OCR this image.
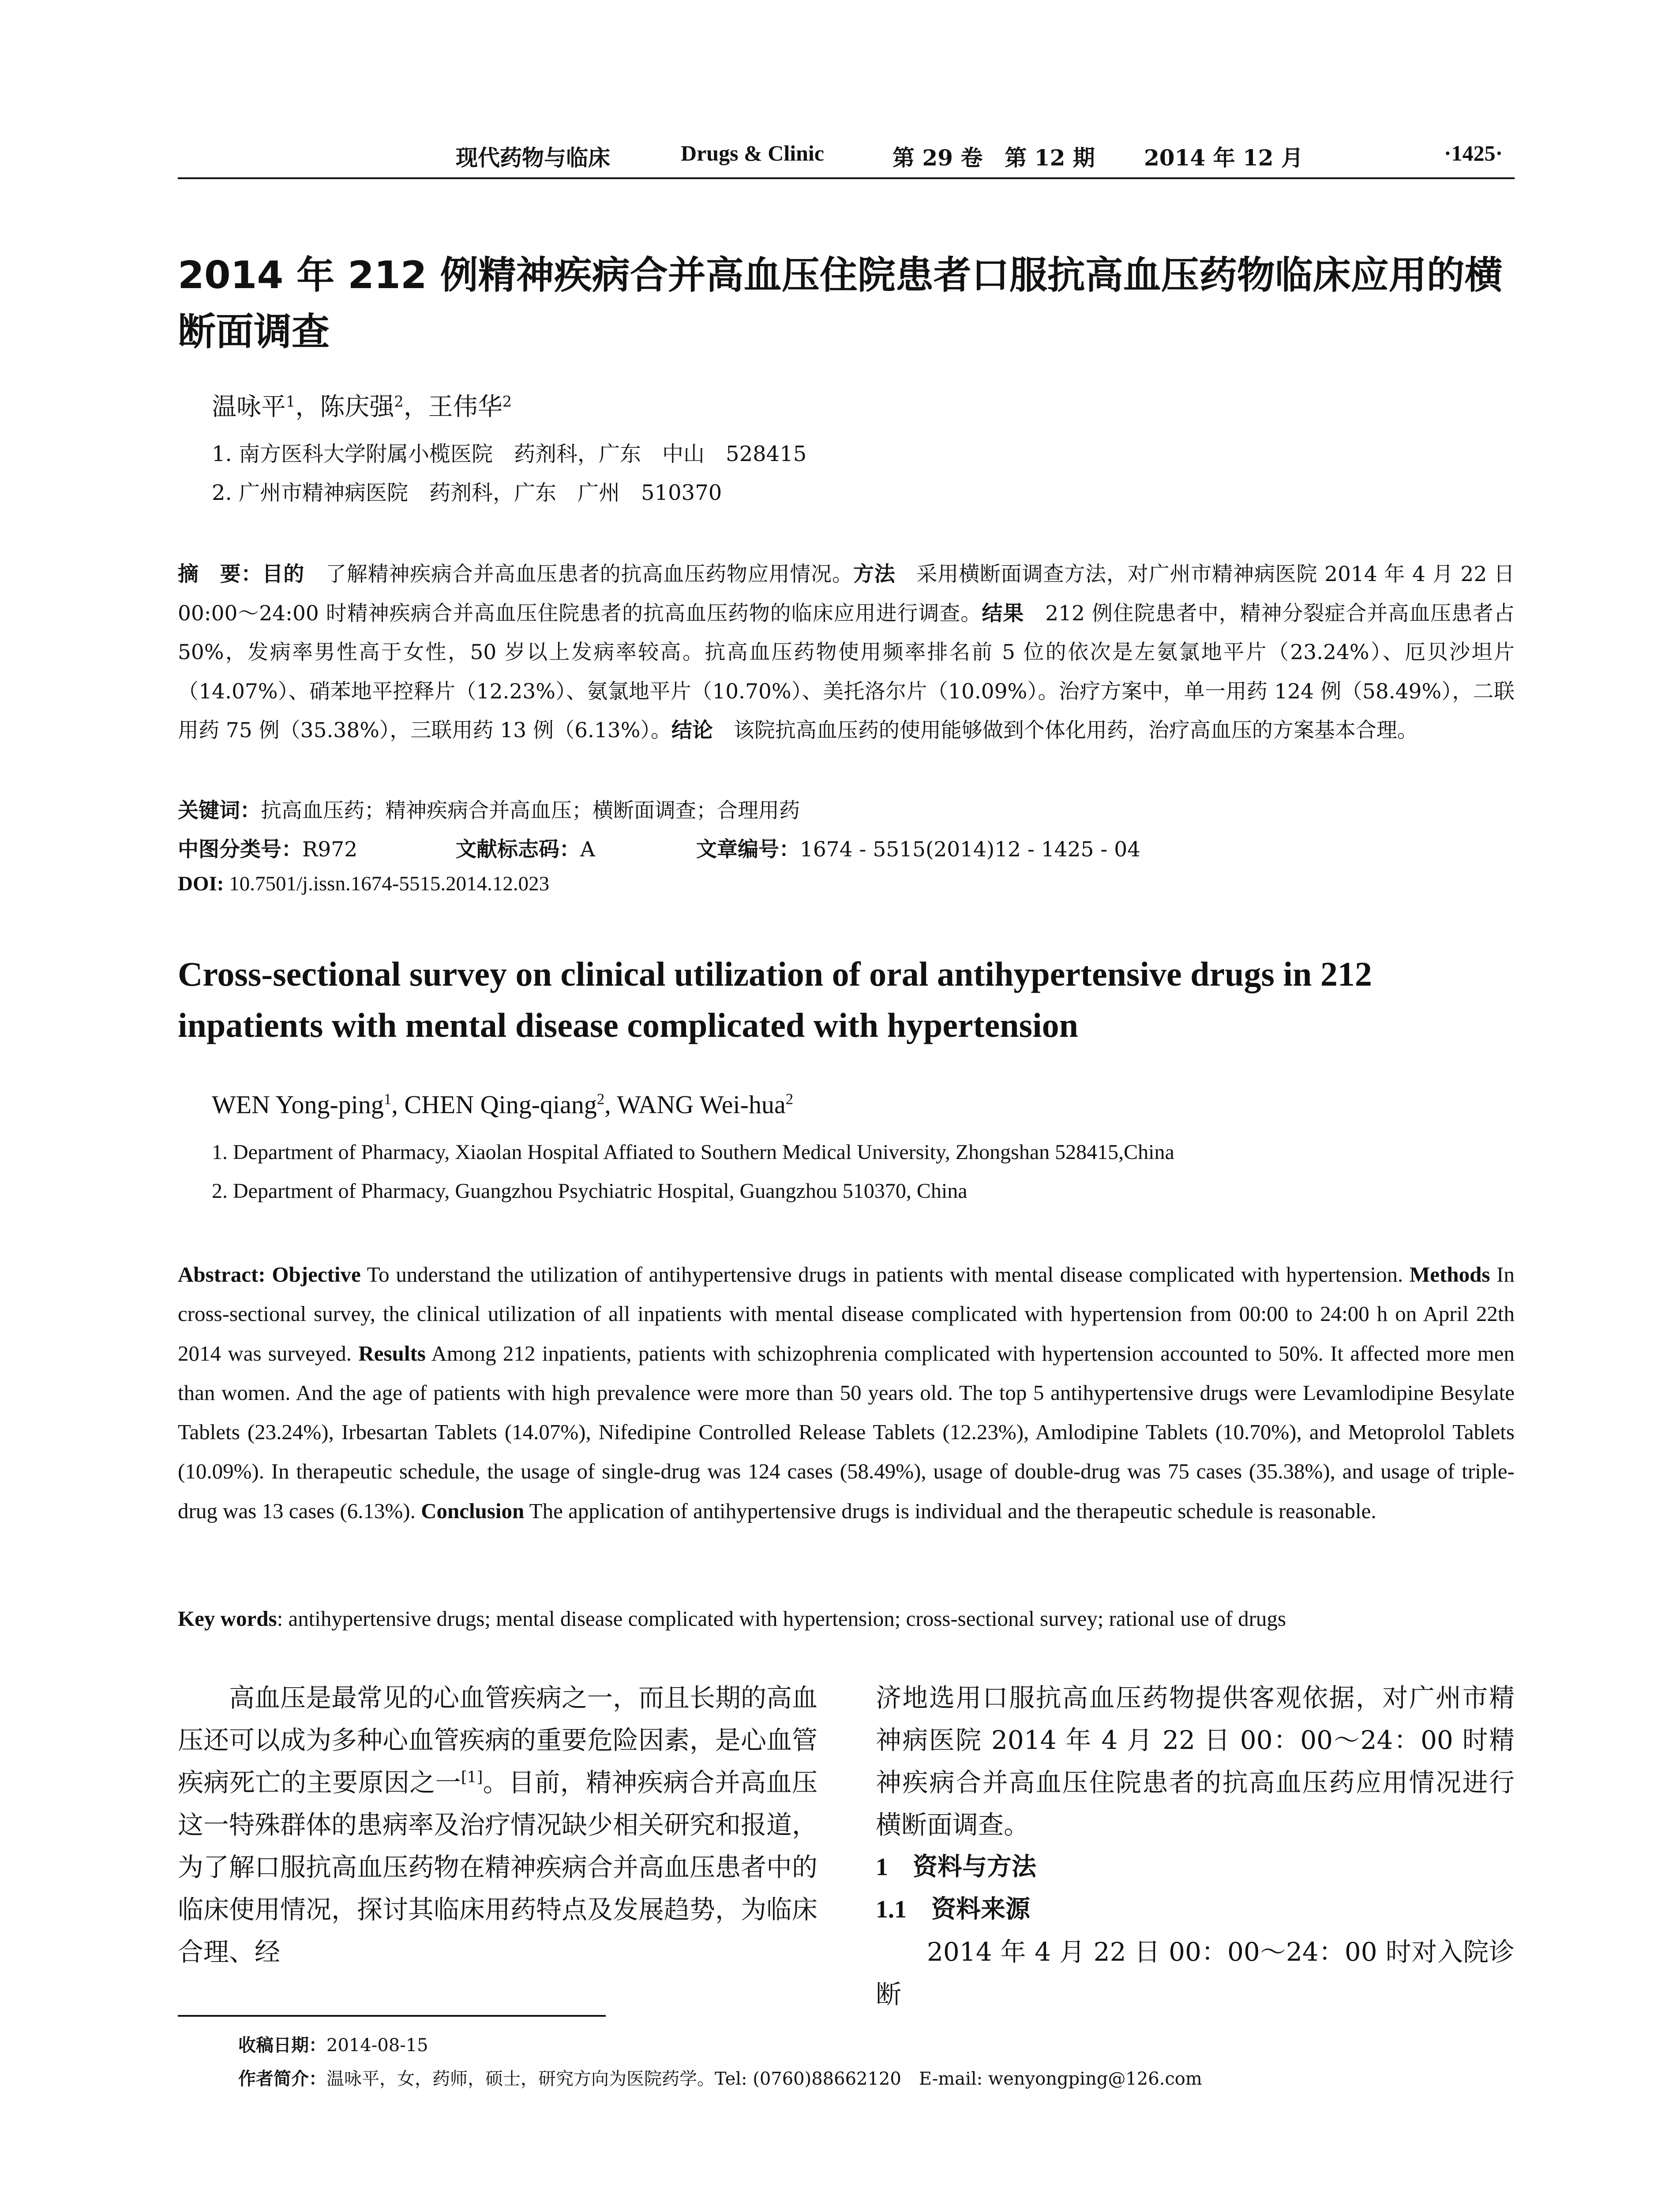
现代药物与临床	Drugs & Clinic	第 29 卷　第 12 期 2014 年 12 月	·1425·
2014 年 212 例精神疾病合并高血压住院患者口服抗高血压药物临床应用的横断面调查
温咏平$^1$，陈庆强$^2$，王伟华$^2$
1. 南方医科大学附属小榄医院　药剂科，广东　中山　528415
2. 广州市精神病医院　药剂科，广东　广州　510370
摘　要：目的　了解精神疾病合并高血压患者的抗高血压药物应用情况。方法　采用横断面调查方法，对广州市精神病医院 2014 年 4 月 22 日 00:00～24:00 时精神疾病合并高血压住院患者的抗高血压药物的临床应用进行调查。结果　212 例住院患者中，精神分裂症合并高血压患者占 50%，发病率男性高于女性，50 岁以上发病率较高。抗高血压药物使用频率排名前 5 位的依次是左氨氯地平片（23.24%）、厄贝沙坦片（14.07%）、硝苯地平控释片（12.23%）、氨氯地平片（10.70%）、美托洛尔片（10.09%）。治疗方案中，单一用药 124 例（58.49%），二联用药 75 例（35.38%），三联用药 13 例（6.13%）。结论　该院抗高血压药的使用能够做到个体化用药，治疗高血压的方案基本合理。
关键词：抗高血压药；精神疾病合并高血压；横断面调查；合理用药
中图分类号：R972	文献标志码：A	文章编号：1674 - 5515(2014)12 - 1425 - 04
DOI: 10.7501/j.issn.1674-5515.2014.12.023
Cross-sectional survey on clinical utilization of oral antihypertensive drugs in 212 inpatients with mental disease complicated with hypertension
WEN Yong-ping$^1$, CHEN Qing-qiang$^2$, WANG Wei-hua$^2$
1. Department of Pharmacy, Xiaolan Hospital Affiated to Southern Medical University, Zhongshan 528415,China
2. Department of Pharmacy, Guangzhou Psychiatric Hospital, Guangzhou 510370, China
Abstract: Objective To understand the utilization of antihypertensive drugs in patients with mental disease complicated with hypertension. Methods In cross-sectional survey, the clinical utilization of all inpatients with mental disease complicated with hypertension from 00:00 to 24:00 h on April 22th 2014 was surveyed. Results Among 212 inpatients, patients with schizophrenia complicated with hypertension accounted to 50%. It affected more men than women. And the age of patients with high prevalence were more than 50 years old. The top 5 antihypertensive drugs were Levamlodipine Besylate Tablets (23.24%), Irbesartan Tablets (14.07%), Nifedipine Controlled Release Tablets (12.23%), Amlodipine Tablets (10.70%), and Metoprolol Tablets (10.09%). In therapeutic schedule, the usage of single-drug was 124 cases (58.49%), usage of double-drug was 75 cases (35.38%), and usage of triple-drug was 13 cases (6.13%). Conclusion The application of antihypertensive drugs is individual and the therapeutic schedule is reasonable.
Key words: antihypertensive drugs; mental disease complicated with hypertension; cross-sectional survey; rational use of drugs
高血压是最常见的心血管疾病之一，而且长期的高血压还可以成为多种心血管疾病的重要危险因素，是心血管疾病死亡的主要原因之一[1]。目前，精神疾病合并高血压这一特殊群体的患病率及治疗情况缺少相关研究和报道，为了解口服抗高血压药物在精神疾病合并高血压患者中的临床使用情况，探讨其临床用药特点及发展趋势，为临床合理、经
济地选用口服抗高血压药物提供客观依据，对广州市精神病医院 2014 年 4 月 22 日 00：00～24：00 时精神疾病合并高血压住院患者的抗高血压药应用情况进行横断面调查。
1　资料与方法
1.1　资料来源
2014 年 4 月 22 日 00：00～24：00 时对入院诊断
收稿日期：2014-08-15
作者简介：温咏平，女，药师，硕士，研究方向为医院药学。Tel: (0760)88662120　E-mail: wenyongping@126.com
